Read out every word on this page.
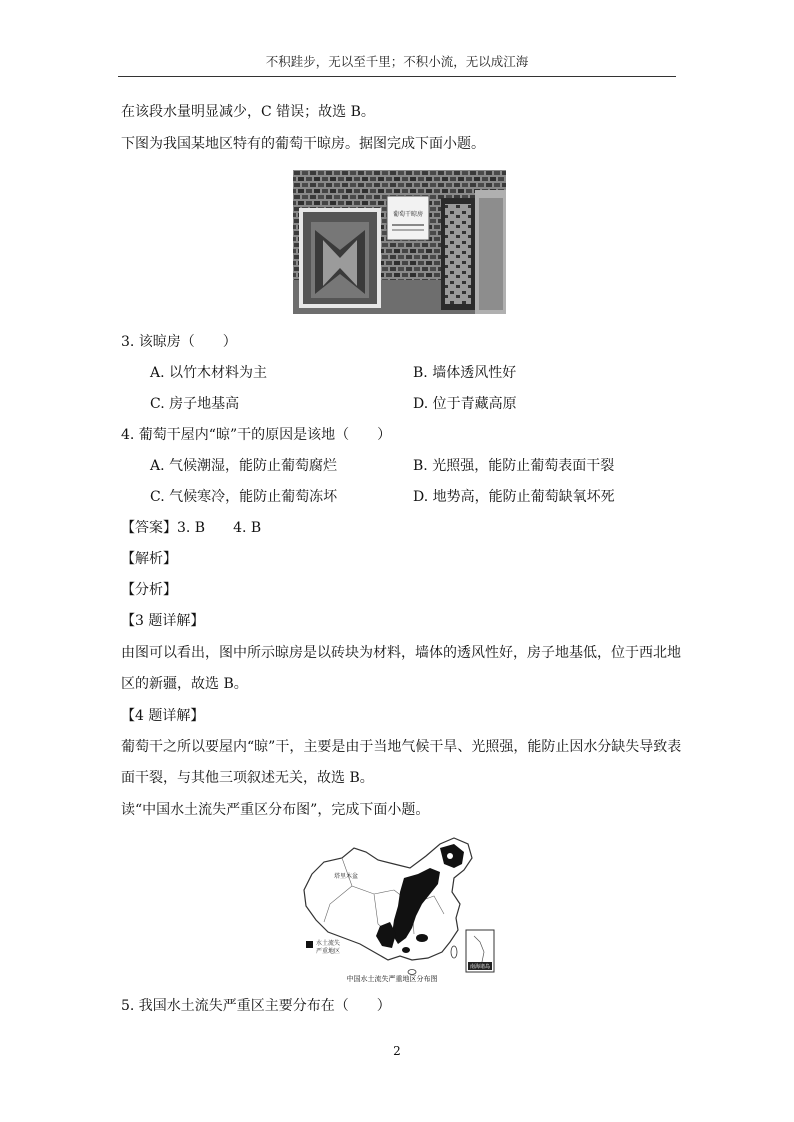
不积跬步，无以至千里；不积小流，无以成江海
在该段水量明显减少，C 错误；故选 B。
下图为我国某地区特有的葡萄干晾房。据图完成下面小题。
葡萄干晾房
3. 该晾房（　　）
A. 以竹木材料为主	B. 墙体透风性好
C. 房子地基高	D. 位于青藏高原
4. 葡萄干屋内“晾”干的原因是该地（　　）
A. 气候潮湿，能防止葡萄腐烂	B. 光照强，能防止葡萄表面干裂
C. 气候寒冷，能防止葡萄冻坏	D. 地势高，能防止葡萄缺氧坏死
【答案】3. B　　4. B
【解析】
【分析】
【3 题详解】
由图可以看出，图中所示晾房是以砖块为材料，墙体的透风性好，房子地基低，位于西北地
区的新疆，故选 B。
【4 题详解】
葡萄干之所以要屋内“晾”干，主要是由于当地气候干旱、光照强，能防止因水分缺失导致表
面干裂，与其他三项叙述无关，故选 B。
读“中国水土流失严重区分布图”，完成下面小题。
塔里木盆
水土流失
严重地区
南海诸岛
中国水土流失严重地区分布图
5. 我国水土流失严重区主要分布在（　　）
2
